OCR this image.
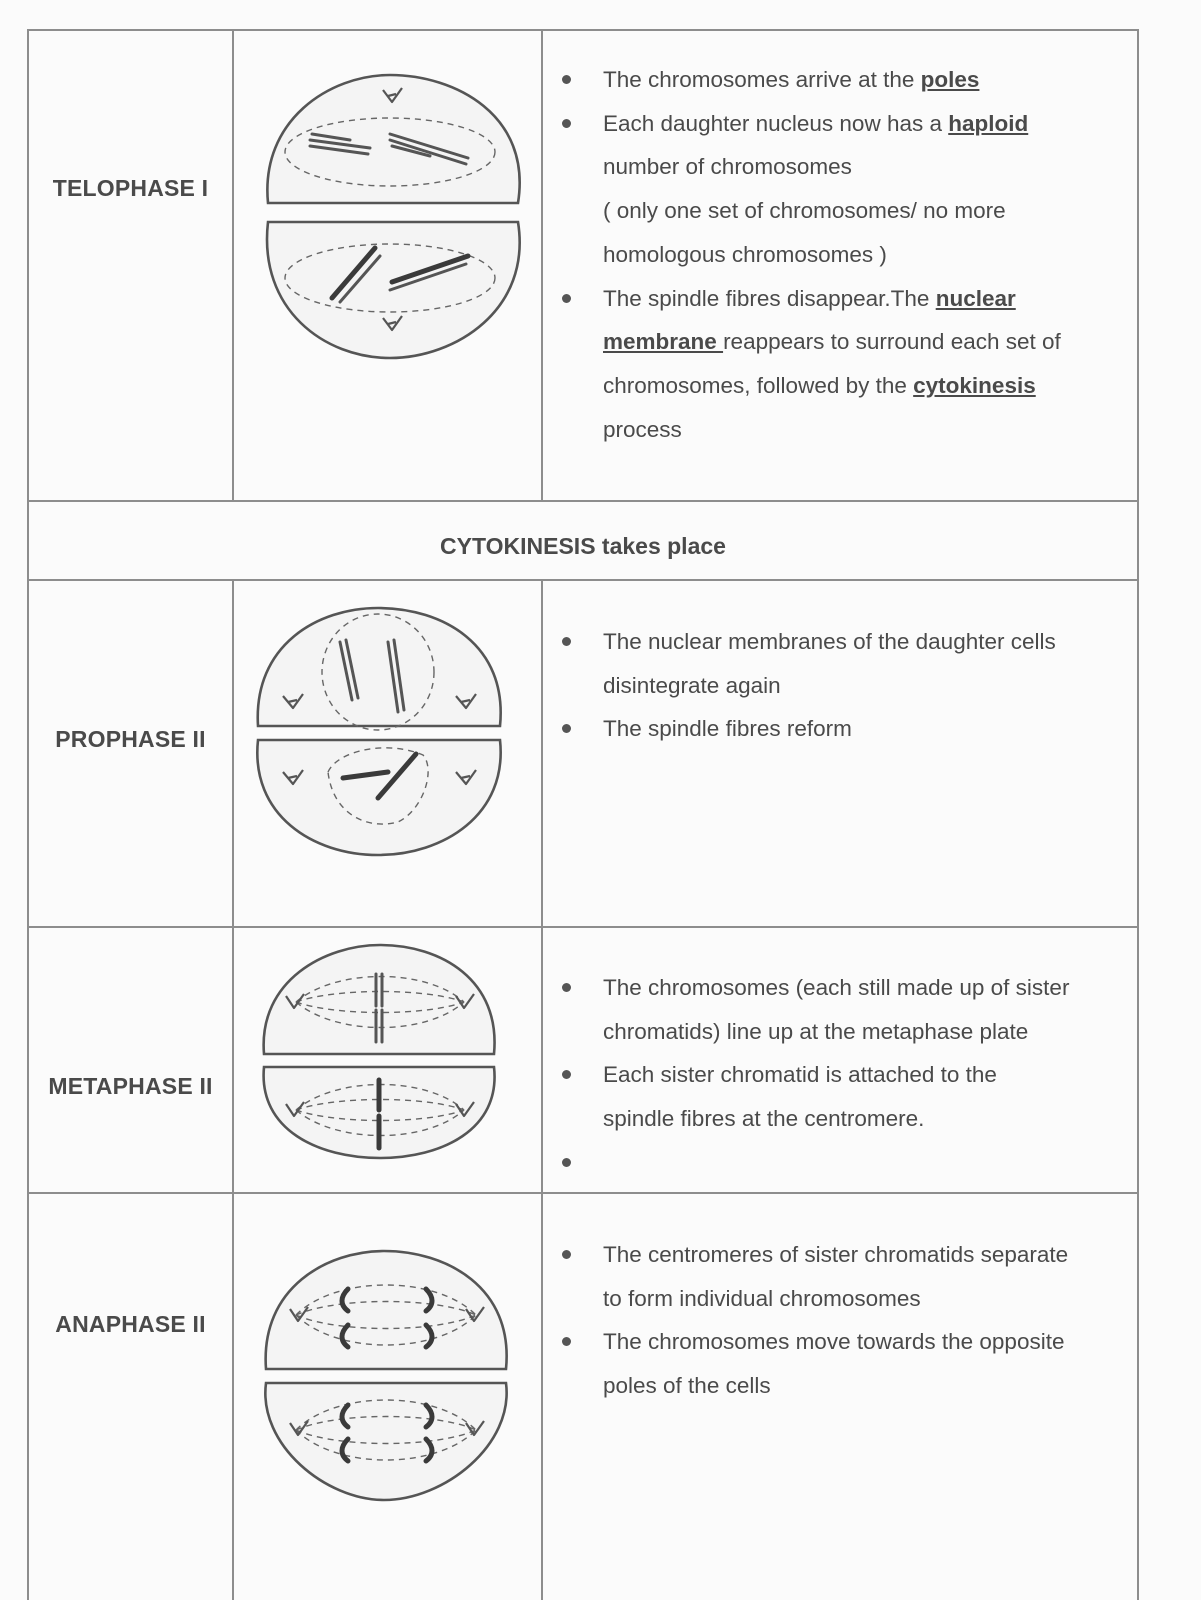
TELOPHASE I
The chromosomes arrive at the poles
Each daughter nucleus now has a haploid
number of chromosomes
( only one set of chromosomes/ no more
homologous chromosomes )
The spindle fibres disappear.The nuclear
membrane reappears to surround each set of
chromosomes, followed by the cytokinesis
process
CYTOKINESIS takes place
PROPHASE II
The nuclear membranes of the daughter cells
disintegrate again
The spindle fibres reform
METAPHASE II
The chromosomes (each still made up of sister
chromatids) line up at the metaphase plate
Each sister chromatid is attached to the
spindle fibres at the centromere.
ANAPHASE II
The centromeres of sister chromatids separate
to form individual chromosomes
The chromosomes move towards the opposite
poles of the cells
